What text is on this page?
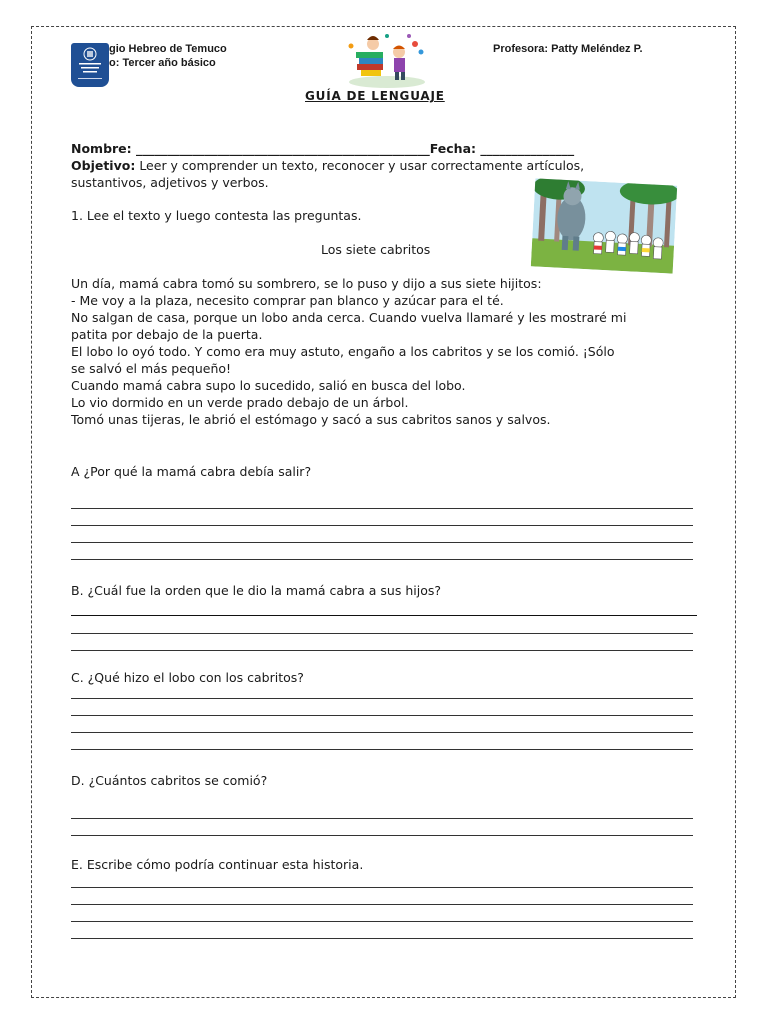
gio Hebreo de Temuco
o: Tercer año básico
Profesora: Patty Meléndez P.
GUÍA DE LENGUAJE
Nombre: _______________________________________________Fecha: _______________
Objetivo: Leer y comprender un texto, reconocer y usar correctamente artículos,
sustantivos, adjetivos y verbos.
1. Lee el texto y luego contesta las preguntas.
Los siete cabritos
Un día, mamá cabra tomó su sombrero, se lo puso y dijo a sus siete hijitos:
- Me voy a la plaza, necesito comprar pan blanco y azúcar para el té.
No salgan de casa, porque un lobo anda cerca. Cuando vuelva llamaré y les mostraré mi
patita por debajo de la puerta.
El lobo lo oyó todo. Y como era muy astuto, engaño a los cabritos y se los comió. ¡Sólo
se salvó el más pequeño!
Cuando mamá cabra supo lo sucedido, salió en busca del lobo.
Lo vio dormido en un verde prado debajo de un árbol.
Tomó unas tijeras, le abrió el estómago y sacó a sus cabritos sanos y salvos.
A ¿Por qué la mamá cabra debía salir?
B. ¿Cuál fue la orden que le dio la mamá cabra a sus hijos?
C. ¿Qué hizo el lobo con los cabritos?
D. ¿Cuántos cabritos se comió?
E. Escribe cómo podría continuar esta historia.
